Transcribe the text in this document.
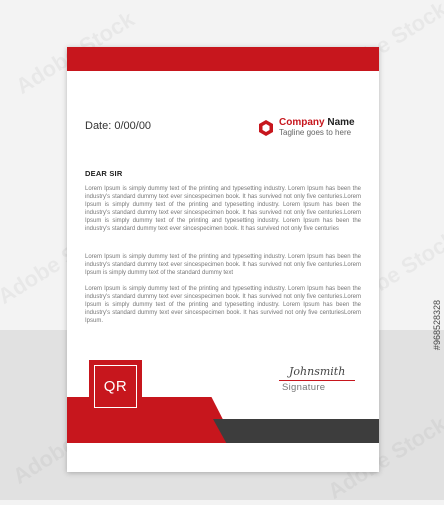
Date: 0/00/00	Company Name
Tagline goes to here
DEAR SIR

Lorem Ipsum is simply dummy text of the printing and typesetting industry. Lorem Ipsum has been the industry's standard dummy text ever sincespecimen book. It has survived not only five centuries.Lorem Ipsum is simply dummy text of the printing and typesetting industry. Lorem Ipsum has been the industry's standard dummy text ever sincespecimen book. It has survived not only five centuries.Lorem Ipsum is simply dummy text of the printing and typesetting industry. Lorem Ipsum has been the industry's standard dummy text ever sincespecimen book. It has survived not only five centuries

Lorem Ipsum is simply dummy text of the printing and typesetting industry. Lorem Ipsum has been the industry's standard dummy text ever sincespecimen book. It has survived not only five centuries.Lorem Ipsum is simply dummy text of the standard dummy text

Lorem Ipsum is simply dummy text of the printing and typesetting industry. Lorem Ipsum has been the industry's standard dummy text ever sincespecimen book. It has survived not only five centuries.Lorem Ipsum is simply dummy text of the printing and typesetting industry. Lorem Ipsum has been the industry's standard dummy text ever sincespecimen book. It has survived not only five centuriesLorem Ipsum.

QR
Johnsmith
Signature
#968528328
